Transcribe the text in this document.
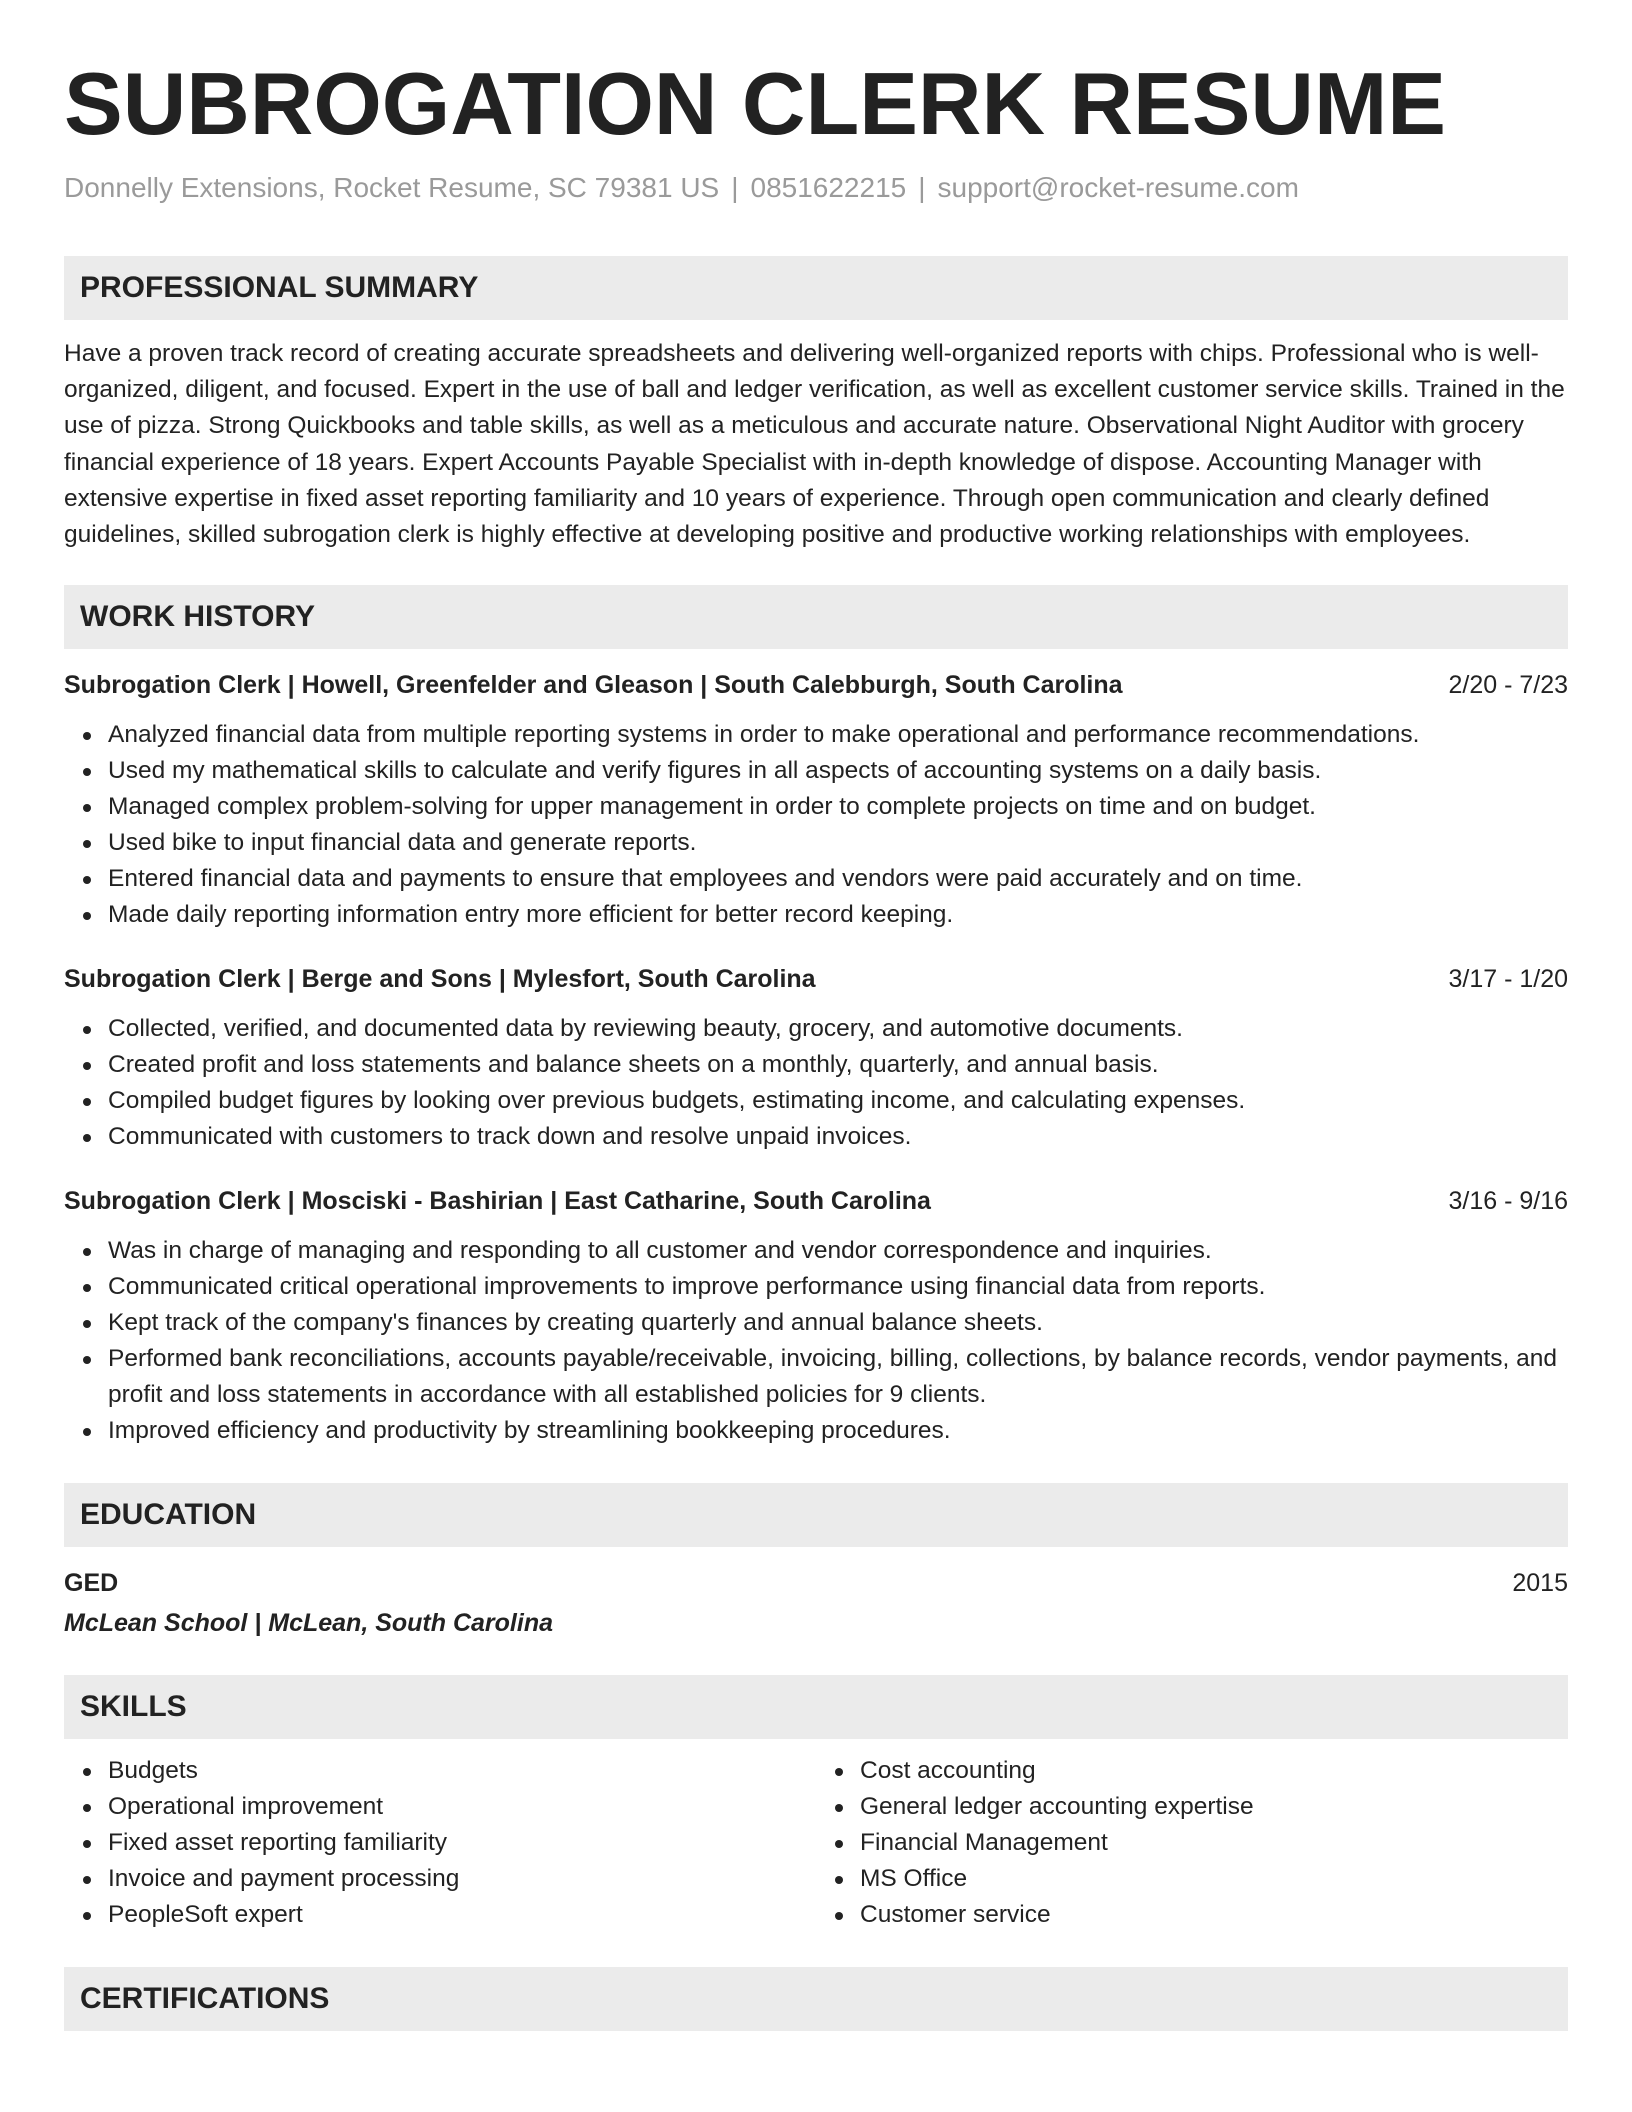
SUBROGATION CLERK RESUME
Donnelly Extensions, Rocket Resume, SC 79381 US | 0851622215 | support@rocket-resume.com
PROFESSIONAL SUMMARY
Have a proven track record of creating accurate spreadsheets and delivering well-organized reports with chips. Professional who is well-organized, diligent, and focused. Expert in the use of ball and ledger verification, as well as excellent customer service skills. Trained in the use of pizza. Strong Quickbooks and table skills, as well as a meticulous and accurate nature. Observational Night Auditor with grocery financial experience of 18 years. Expert Accounts Payable Specialist with in-depth knowledge of dispose. Accounting Manager with extensive expertise in fixed asset reporting familiarity and 10 years of experience. Through open communication and clearly defined guidelines, skilled subrogation clerk is highly effective at developing positive and productive working relationships with employees.
WORK HISTORY
Subrogation Clerk | Howell, Greenfelder and Gleason | South Calebburgh, South Carolina	2/20 - 7/23
Analyzed financial data from multiple reporting systems in order to make operational and performance recommendations.
Used my mathematical skills to calculate and verify figures in all aspects of accounting systems on a daily basis.
Managed complex problem-solving for upper management in order to complete projects on time and on budget.
Used bike to input financial data and generate reports.
Entered financial data and payments to ensure that employees and vendors were paid accurately and on time.
Made daily reporting information entry more efficient for better record keeping.
Subrogation Clerk | Berge and Sons | Mylesfort, South Carolina	3/17 - 1/20
Collected, verified, and documented data by reviewing beauty, grocery, and automotive documents.
Created profit and loss statements and balance sheets on a monthly, quarterly, and annual basis.
Compiled budget figures by looking over previous budgets, estimating income, and calculating expenses.
Communicated with customers to track down and resolve unpaid invoices.
Subrogation Clerk | Mosciski - Bashirian | East Catharine, South Carolina	3/16 - 9/16
Was in charge of managing and responding to all customer and vendor correspondence and inquiries.
Communicated critical operational improvements to improve performance using financial data from reports.
Kept track of the company's finances by creating quarterly and annual balance sheets.
Performed bank reconciliations, accounts payable/receivable, invoicing, billing, collections, by balance records, vendor payments, and profit and loss statements in accordance with all established policies for 9 clients.
Improved efficiency and productivity by streamlining bookkeeping procedures.
EDUCATION
GED	2015
McLean School | McLean, South Carolina
SKILLS
Budgets
Operational improvement
Fixed asset reporting familiarity
Invoice and payment processing
PeopleSoft expert
Cost accounting
General ledger accounting expertise
Financial Management
MS Office
Customer service
CERTIFICATIONS
